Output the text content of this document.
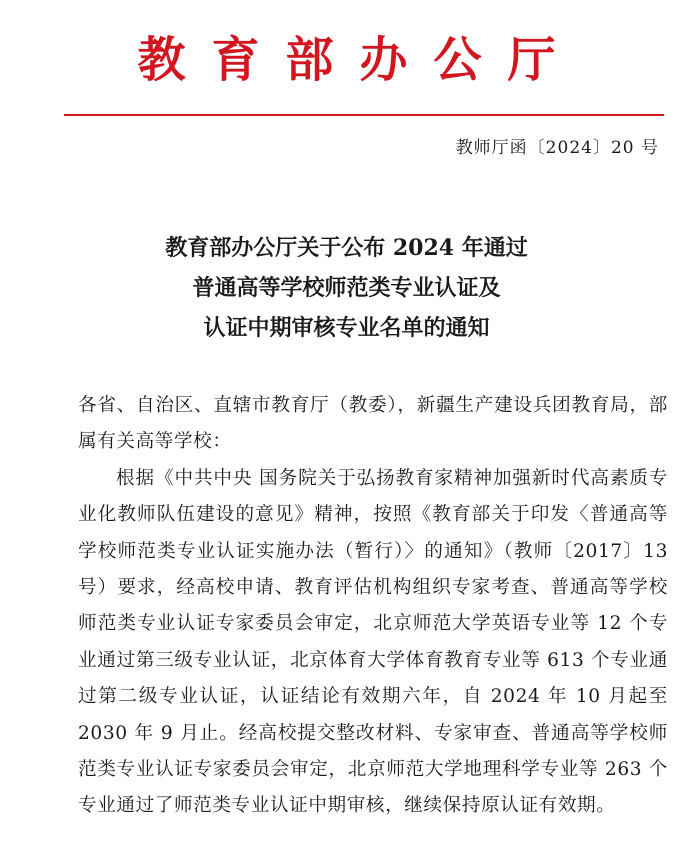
教育部办公厅
教师厅函〔2024〕20 号
教育部办公厅关于公布 2024 年通过
普通高等学校师范类专业认证及
认证中期审核专业名单的通知

各省、自治区、直辖市教育厅（教委），新疆生产建设兵团教育局，部属有关高等学校：

根据《中共中央 国务院关于弘扬教育家精神加强新时代高素质专业化教师队伍建设的意见》精神，按照《教育部关于印发〈普通高等学校师范类专业认证实施办法（暂行）〉的通知》（教师〔2017〕13 号）要求，经高校申请、教育评估机构组织专家考查、普通高等学校师范类专业认证专家委员会审定，北京师范大学英语专业等 12 个专业通过第三级专业认证，北京体育大学体育教育专业等 613 个专业通过第二级专业认证，认证结论有效期六年，自 2024 年 10 月起至 2030 年 9 月止。经高校提交整改材料、专家审查、普通高等学校师范类专业认证专家委员会审定，北京师范大学地理科学专业等 263 个专业通过了师范类专业认证中期审核，继续保持原认证有效期。
